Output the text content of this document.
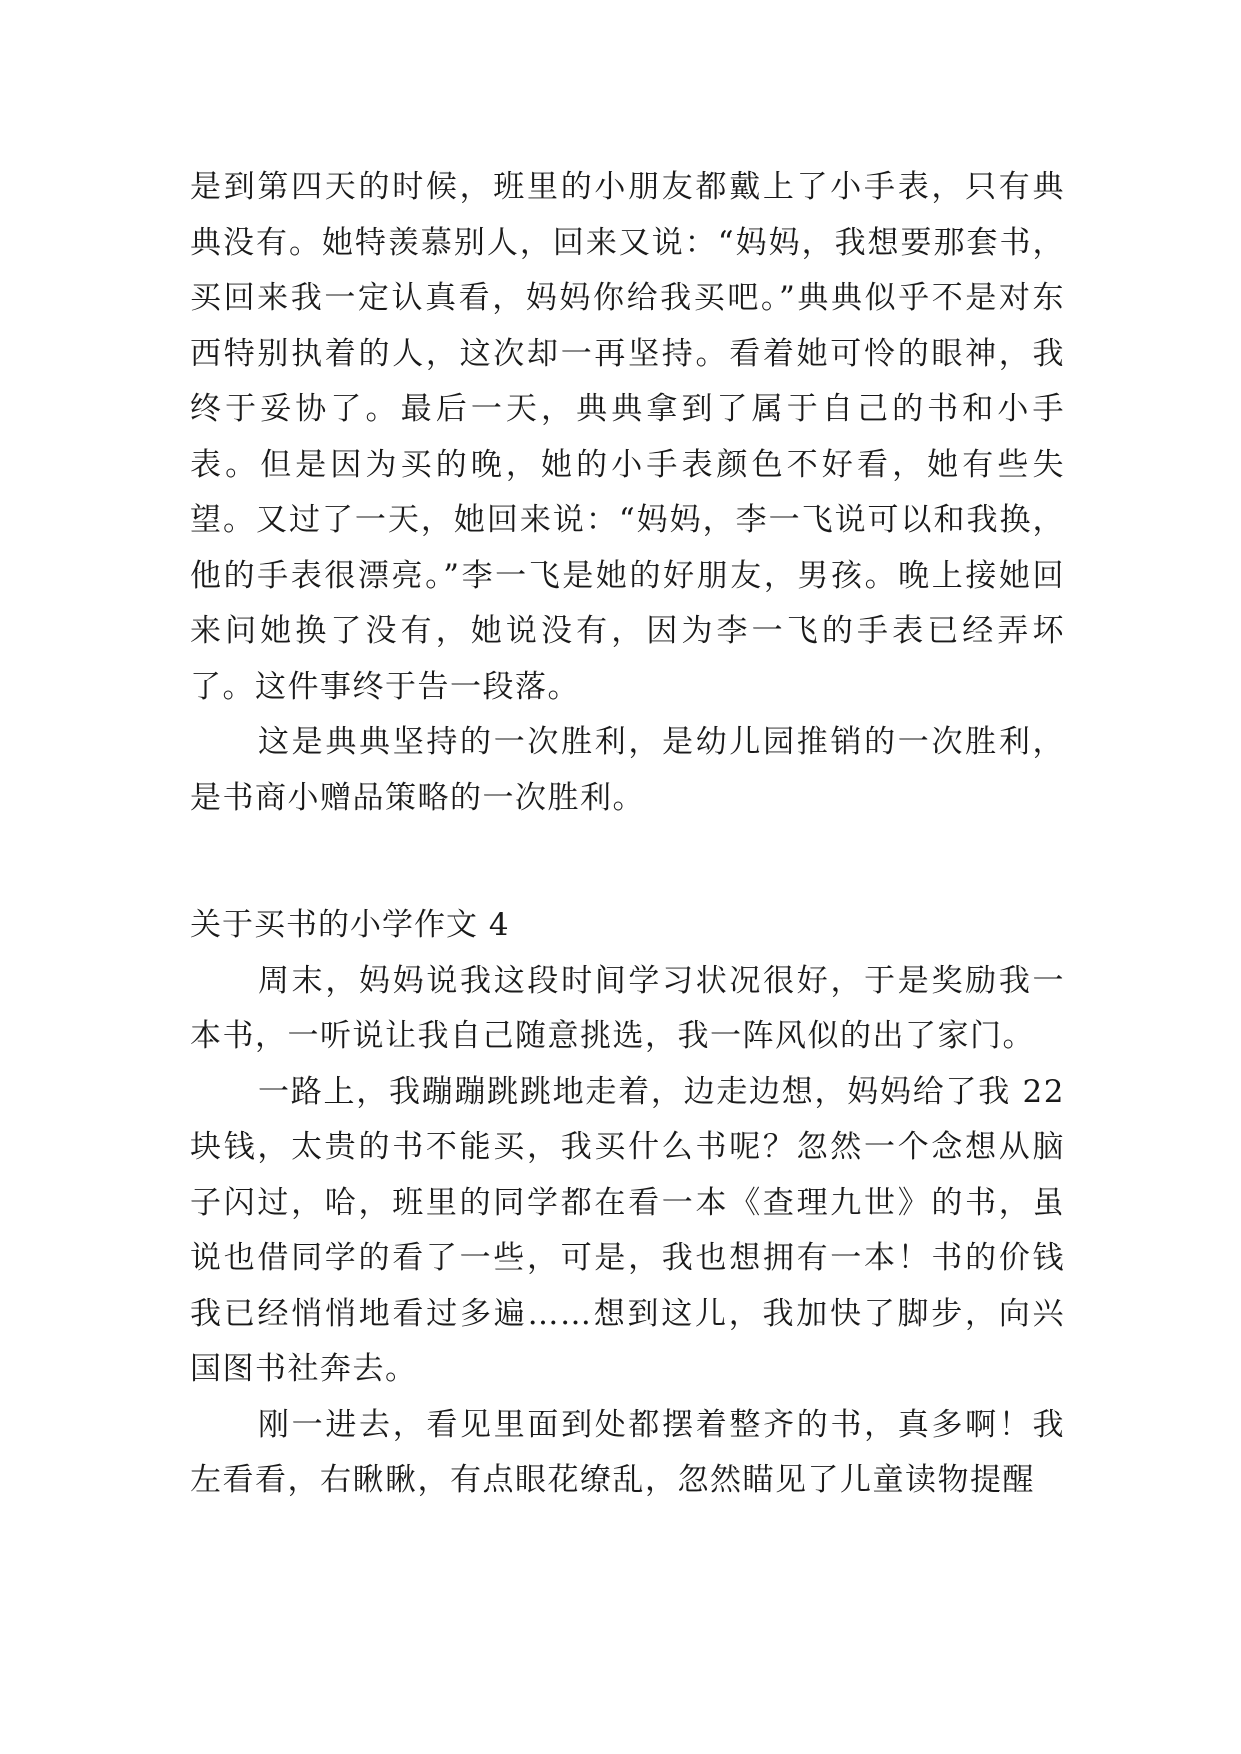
是到第四天的时候，班里的小朋友都戴上了小手表，只有典典没有。她特羡慕别人，回来又说：“妈妈，我想要那套书，买回来我一定认真看，妈妈你给我买吧。”典典似乎不是对东西特别执着的人，这次却一再坚持。看着她可怜的眼神，我终于妥协了。最后一天，典典拿到了属于自己的书和小手表。但是因为买的晚，她的小手表颜色不好看，她有些失望。又过了一天，她回来说：“妈妈，李一飞说可以和我换，他的手表很漂亮。”李一飞是她的好朋友，男孩。晚上接她回来问她换了没有，她说没有，因为李一飞的手表已经弄坏了。这件事终于告一段落。

这是典典坚持的一次胜利，是幼儿园推销的一次胜利，是书商小赠品策略的一次胜利。

关于买书的小学作文 4

周末，妈妈说我这段时间学习状况很好，于是奖励我一本书，一听说让我自己随意挑选，我一阵风似的出了家门。

一路上，我蹦蹦跳跳地走着，边走边想，妈妈给了我 22 块钱，太贵的书不能买，我买什么书呢？忽然一个念想从脑子闪过，哈，班里的同学都在看一本《查理九世》的书，虽说也借同学的看了一些，可是，我也想拥有一本！书的价钱我已经悄悄地看过多遍……想到这儿，我加快了脚步，向兴国图书社奔去。

刚一进去，看见里面到处都摆着整齐的书，真多啊！我左看看，右瞅瞅，有点眼花缭乱，忽然瞄见了儿童读物提醒
